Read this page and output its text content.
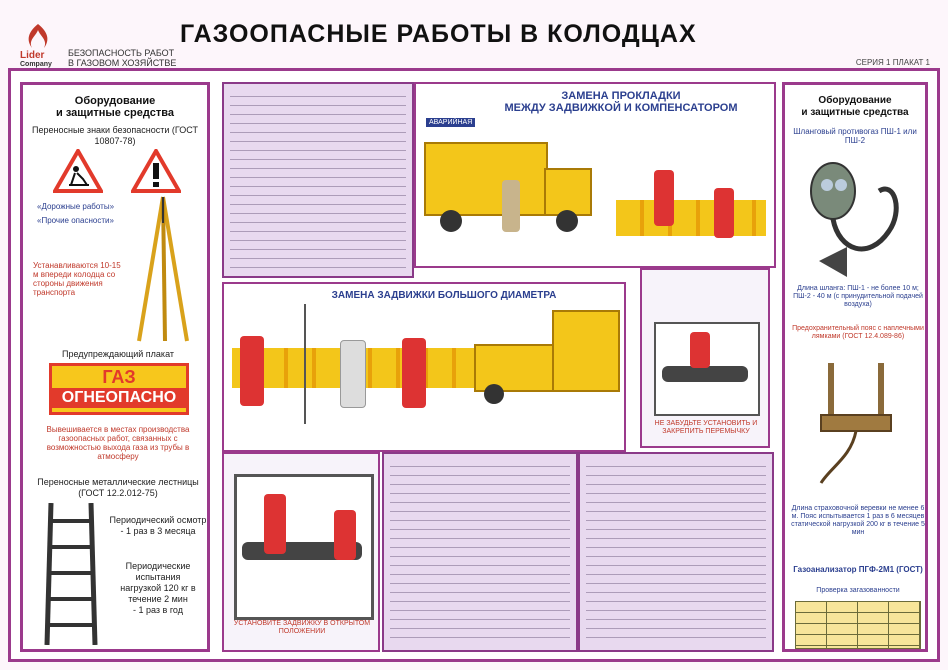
Lider
Company
БЕЗОПАСНОСТЬ РАБОТ
В ГАЗОВОМ ХОЗЯЙСТВЕ
ГАЗООПАСНЫЕ РАБОТЫ В КОЛОДЦАХ
СЕРИЯ 1 ПЛАКАТ 1
Оборудование
и защитные средства
Переносные знаки безопасности (ГОСТ 10807-78)
«Дорожные работы»
«Прочие опасности»
Устанавливаются 10-15 м впереди колодца со стороны движения транспорта
Предупреждающий плакат
ГАЗ
ОГНЕОПАСНО
Вывешивается в местах производства газоопасных работ, связанных с возможностью выхода газа из трубы в атмосферу
Переносные металлические лестницы (ГОСТ 12.2.012-75)
Периодический осмотр
- 1 раз в 3 месяца
Периодические испытания
нагрузкой 120 кг в течение 2 мин
- 1 раз в год
ЗАМЕНА ПРОКЛАДКИ
МЕЖДУ ЗАДВИЖКОЙ И КОМПЕНСАТОРОМ
АВАРИЙНАЯ
НЕ ЗАБУДЬТЕ УСТАНОВИТЬ И ЗАКРЕПИТЬ ПЕРЕМЫЧКУ
ЗАМЕНА ЗАДВИЖКИ БОЛЬШОГО ДИАМЕТРА
УСТАНОВИТЕ ЗАДВИЖКУ В ОТКРЫТОМ ПОЛОЖЕНИИ
Оборудование
и защитные средства
Шланговый противогаз ПШ-1 или ПШ-2
Длина шланга: ПШ-1 - не более 10 м; ПШ-2 - 40 м (с принудительной подачей воздуха)
Предохранительный пояс с наплечными лямками (ГОСТ 12.4.089-86)
Длина страховочной веревки не менее 6 м. Пояс испытывается 1 раз в 6 месяцев статической нагрузкой 200 кг в течение 5 мин
Газоанализатор ПГФ-2М1 (ГОСТ)
Проверка загазованности
